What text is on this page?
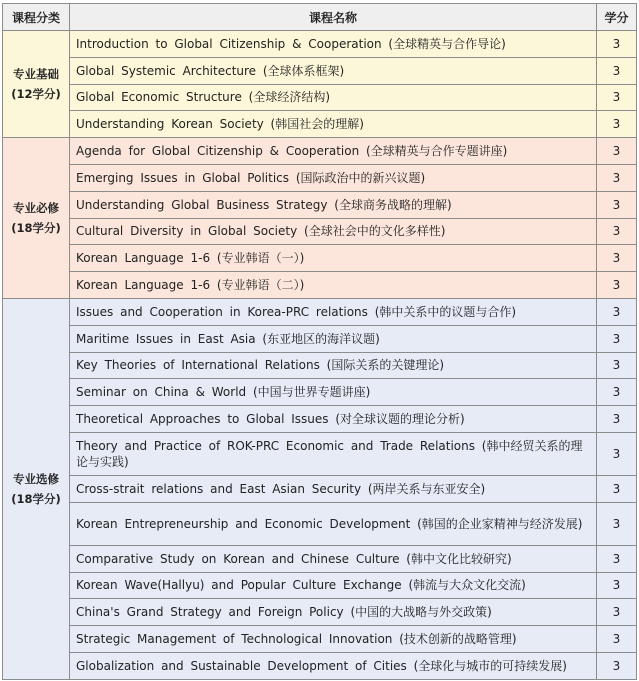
课程分类	课程名称	学分

专业基础
(12学分)	Introduction to Global Citizenship & Cooperation (全球精英与合作导论)	3
	Global Systemic Architecture (全球体系框架)	3
	Global Economic Structure (全球经济结构)	3
	Understanding Korean Society (韩国社会的理解)	3

专业必修
(18学分)	Agenda for Global Citizenship & Cooperation (全球精英与合作专题讲座)	3
	Emerging Issues in Global Politics (国际政治中的新兴议题)	3
	Understanding Global Business Strategy (全球商务战略的理解)	3
	Cultural Diversity in Global Society (全球社会中的文化多样性)	3
	Korean Language 1-6 (专业韩语（一）)	3
	Korean Language 1-6 (专业韩语（二）)	3

专业选修
(18学分)	Issues and Cooperation in Korea-PRC relations (韩中关系中的议题与合作)	3
	Maritime Issues in East Asia (东亚地区的海洋议题)	3
	Key Theories of International Relations (国际关系的关键理论)	3
	Seminar on China & World (中国与世界专题讲座)	3
	Theoretical Approaches to Global Issues (对全球议题的理论分析)	3
	Theory and Practice of ROK-PRC Economic and Trade Relations (韩中经贸关系的理论与实践)	3
	Cross-strait relations and East Asian Security (两岸关系与东亚安全)	3
	Korean Entrepreneurship and Economic Development (韩国的企业家精神与经济发展)	3
	Comparative Study on Korean and Chinese Culture (韩中文化比较研究)	3
	Korean Wave(Hallyu) and Popular Culture Exchange (韩流与大众文化交流)	3
	China's Grand Strategy and Foreign Policy (中国的大战略与外交政策)	3
	Strategic Management of Technological Innovation (技术创新的战略管理)	3
	Globalization and Sustainable Development of Cities (全球化与城市的可持续发展)	3
